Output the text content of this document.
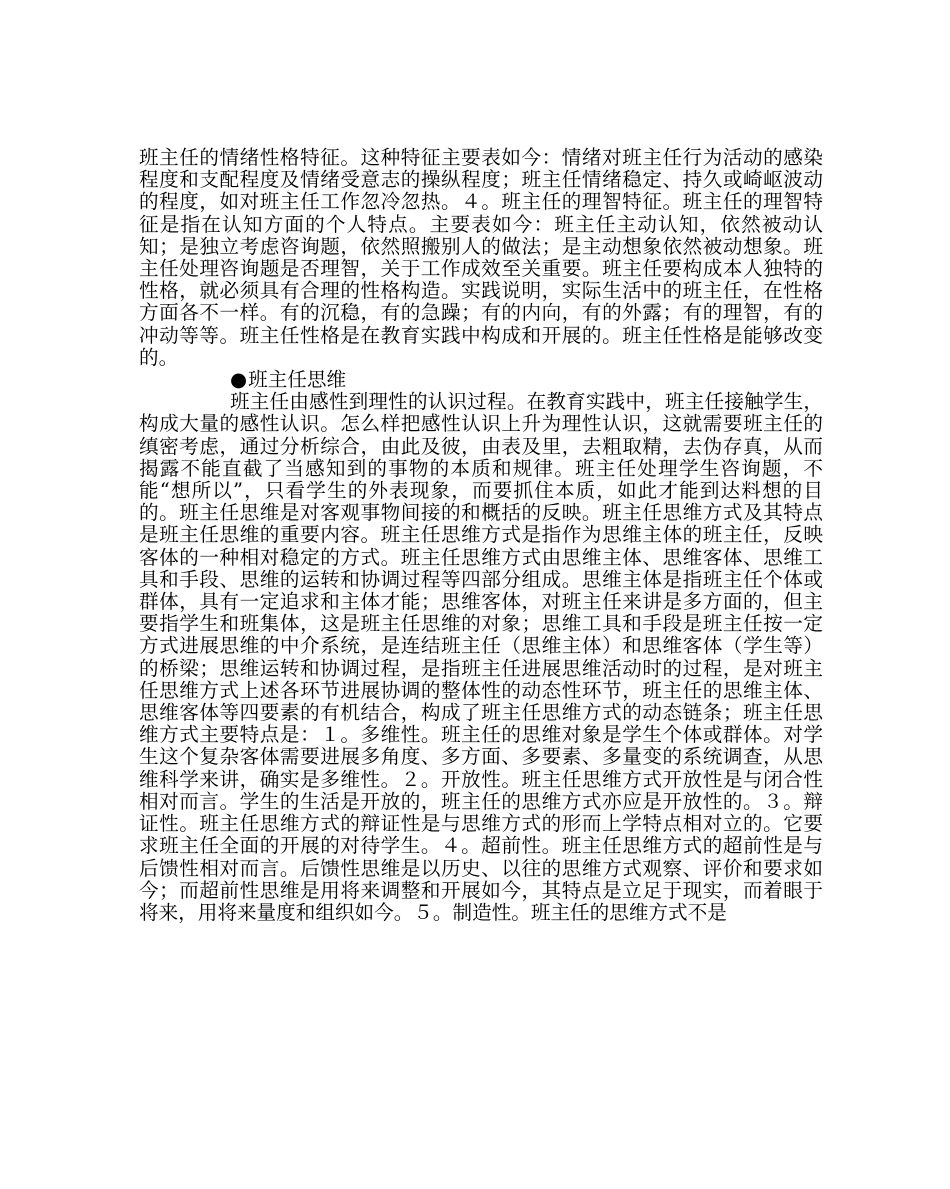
班主任的情绪性格特征。这种特征主要表如今：情绪对班主任行为活动的感染程度和支配程度及情绪受意志的操纵程度；班主任情绪稳定、持久或崎岖波动的程度，如对班主任工作忽冷忽热。４。班主任的理智特征。班主任的理智特征是指在认知方面的个人特点。主要表如今：班主任主动认知，依然被动认知；是独立考虑咨询题，依然照搬别人的做法；是主动想象依然被动想象。班主任处理咨询题是否理智，关于工作成效至关重要。班主任要构成本人独特的性格，就必须具有合理的性格构造。实践说明，实际生活中的班主任，在性格方面各不一样。有的沉稳，有的急躁；有的内向，有的外露；有的理智，有的冲动等等。班主任性格是在教育实践中构成和开展的。班主任性格是能够改变的。

●班主任思维

班主任由感性到理性的认识过程。在教育实践中，班主任接触学生，构成大量的感性认识。怎么样把感性认识上升为理性认识，这就需要班主任的缜密考虑，通过分析综合，由此及彼，由表及里，去粗取精，去伪存真，从而揭露不能直截了当感知到的事物的本质和规律。班主任处理学生咨询题，不能“想所以”，只看学生的外表现象，而要抓住本质，如此才能到达料想的目的。班主任思维是对客观事物间接的和概括的反映。班主任思维方式及其特点是班主任思维的重要内容。班主任思维方式是指作为思维主体的班主任，反映客体的一种相对稳定的方式。班主任思维方式由思维主体、思维客体、思维工具和手段、思维的运转和协调过程等四部分组成。思维主体是指班主任个体或群体，具有一定追求和主体才能；思维客体，对班主任来讲是多方面的，但主要指学生和班集体，这是班主任思维的对象；思维工具和手段是班主任按一定方式进展思维的中介系统，是连结班主任（思维主体）和思维客体（学生等）的桥梁；思维运转和协调过程，是指班主任进展思维活动时的过程，是对班主任思维方式上述各环节进展协调的整体性的动态性环节，班主任的思维主体、思维客体等四要素的有机结合，构成了班主任思维方式的动态链条；班主任思维方式主要特点是：１。多维性。班主任的思维对象是学生个体或群体。对学生这个复杂客体需要进展多角度、多方面、多要素、多量变的系统调查，从思维科学来讲，确实是多维性。２。开放性。班主任思维方式开放性是与闭合性相对而言。学生的生活是开放的，班主任的思维方式亦应是开放性的。３。辩证性。班主任思维方式的辩证性是与思维方式的形而上学特点相对立的。它要求班主任全面的开展的对待学生。４。超前性。班主任思维方式的超前性是与后馈性相对而言。后馈性思维是以历史、以往的思维方式观察、评价和要求如今；而超前性思维是用将来调整和开展如今，其特点是立足于现实，而着眼于将来，用将来量度和组织如今。５。制造性。班主任的思维方式不是
